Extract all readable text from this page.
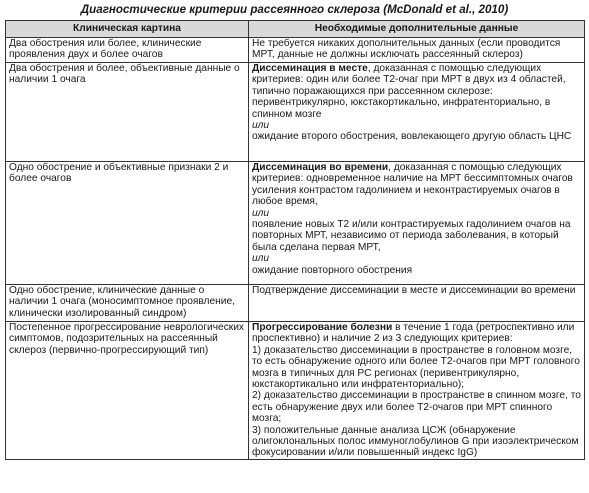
Диагностические критерии рассеянного склероза (McDonald et al., 2010)
Клиническая картина	Необходимые дополнительные данные
Два обострения или более, клинические проявления двух и более очагов	Не требуется никаких дополнительных данных (если проводится МРТ, данные не должны исключать рассеянный склероз)

Два обострения и более, объективные данные о наличии 1 очага	Диссеминация в месте, доказанная с помощью следующих критериев: один или более Т2-очаг при МРТ в двух из 4 областей, типично поражающихся при рассеянном склерозе: перивентрикулярно, юкстакортикально, инфратенториально, в спинном мозге

или

ожидание второго обострения, вовлекающего другую область ЦНС

Одно обострение и объективные признаки 2 и более очагов	Диссеминация во времени, доказанная с помощью следующих критериев: одновременное наличие на МРТ бессимптомных очагов усиления контрастом гадолинием и неконтрастируемых очагов в любое время,

или

появление новых Т2 и/или контрастируемых гадолинием очагов на повторных МРТ, независимо от периода заболевания, в который была сделана первая МРТ,

или

ожидание повторного обострения

Одно обострение, клинические данные о наличии 1 очага (моносимптомное проявление, клинически изолированный синдром)	Подтверждение диссеминации в месте и диссеминации во времени

Постепенное прогрессирование неврологических симптомов, подозрительных на рассеянный склероз (первично-прогрессирующий тип)	Прогрессирование болезни в течение 1 года (ретроспективно или проспективно) и наличие 2 из 3 следующих критериев:

1) доказательство диссеминации в пространстве в головном мозге, то есть обнаружение одного или более Т2-очагов при МРТ головного мозга в типичных для РС регионах (перивентрикулярно, юкстакортикально или инфратенториально);

2) доказательство диссеминации в пространстве в спинном мозге, то есть обнаружение двух или более Т2-очагов при МРТ спинного мозга;

3) положительные данные анализа ЦСЖ (обнаружение олигоклональных полос иммуноглобулинов G при изоэлектрическом фокусировании и/или повышенный индекс IgG)
